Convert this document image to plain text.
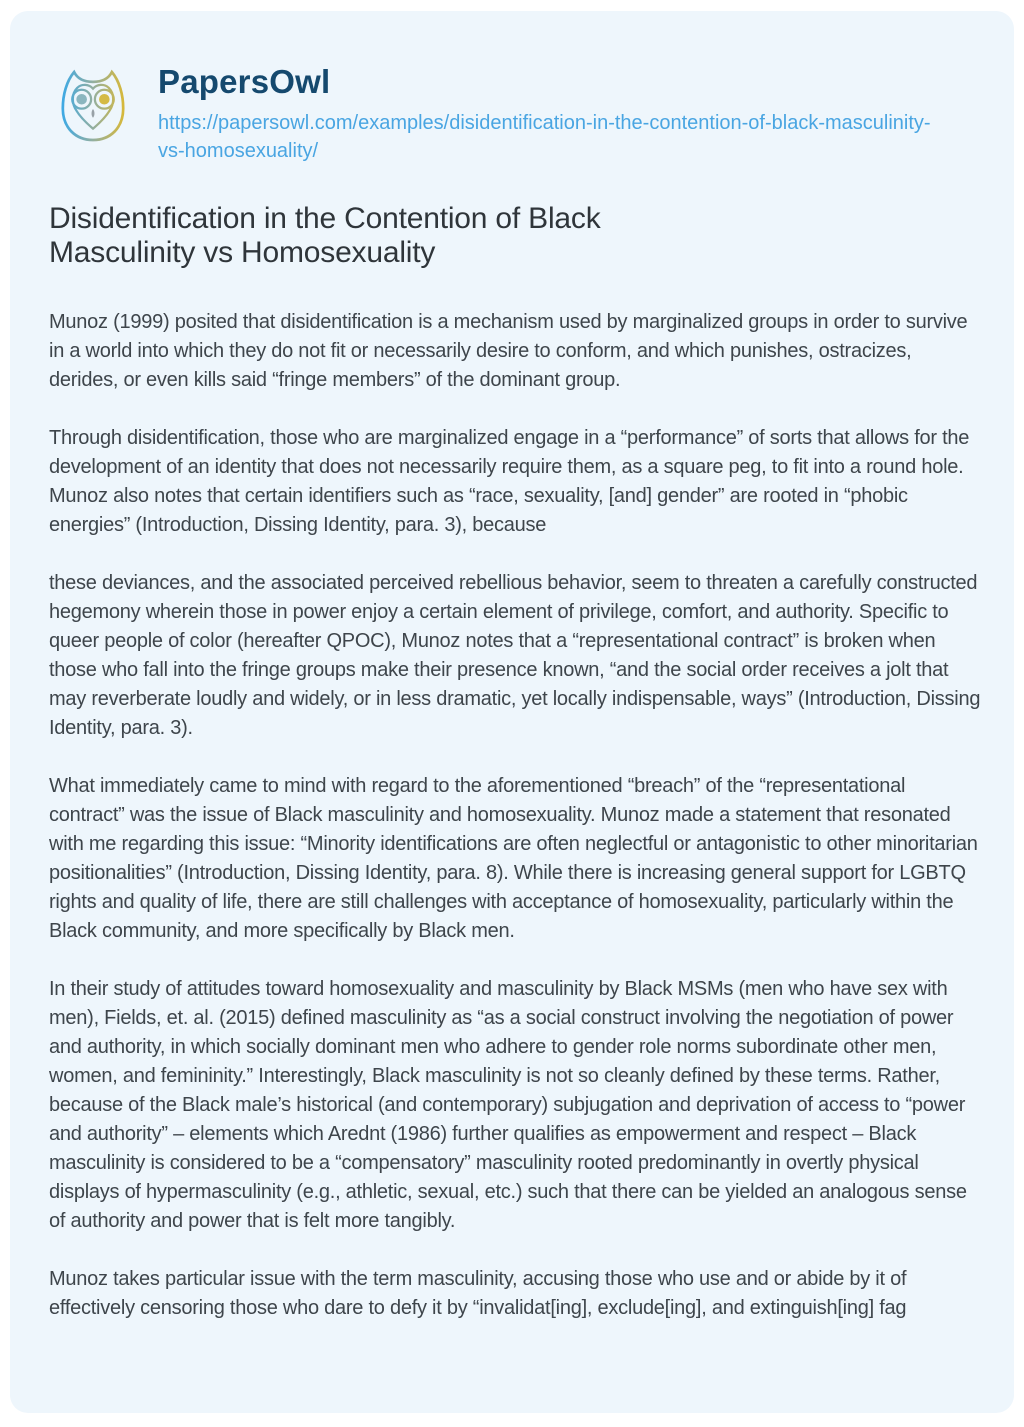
PapersOwl
https://papersowl.com/examples/disidentification-in-the-contention-of-black-masculinity-vs-homosexuality/
Disidentification in the Contention of Black Masculinity vs Homosexuality

Munoz (1999) posited that disidentification is a mechanism used by marginalized groups in order to survive in a world into which they do not fit or necessarily desire to conform, and which punishes, ostracizes, derides, or even kills said “fringe members” of the dominant group.

Through disidentification, those who are marginalized engage in a “performance” of sorts that allows for the development of an identity that does not necessarily require them, as a square peg, to fit into a round hole. Munoz also notes that certain identifiers such as “race, sexuality, [and] gender” are rooted in “phobic energies” (Introduction, Dissing Identity, para. 3), because

these deviances, and the associated perceived rebellious behavior, seem to threaten a carefully constructed hegemony wherein those in power enjoy a certain element of privilege, comfort, and authority. Specific to queer people of color (hereafter QPOC), Munoz notes that a “representational contract” is broken when those who fall into the fringe groups make their presence known, “and the social order receives a jolt that may reverberate loudly and widely, or in less dramatic, yet locally indispensable, ways” (Introduction, Dissing Identity, para. 3).

What immediately came to mind with regard to the aforementioned “breach” of the “representational contract” was the issue of Black masculinity and homosexuality. Munoz made a statement that resonated with me regarding this issue: “Minority identifications are often neglectful or antagonistic to other minoritarian positionalities” (Introduction, Dissing Identity, para. 8). While there is increasing general support for LGBTQ rights and quality of life, there are still challenges with acceptance of homosexuality, particularly within the Black community, and more specifically by Black men.

In their study of attitudes toward homosexuality and masculinity by Black MSMs (men who have sex with men), Fields, et. al. (2015) defined masculinity as “as a social construct involving the negotiation of power and authority, in which socially dominant men who adhere to gender role norms subordinate other men, women, and femininity.” Interestingly, Black masculinity is not so cleanly defined by these terms. Rather, because of the Black male’s historical (and contemporary) subjugation and deprivation of access to “power and authority” – elements which Arednt (1986) further qualifies as empowerment and respect – Black masculinity is considered to be a “compensatory” masculinity rooted predominantly in overtly physical displays of hypermasculinity (e.g., athletic, sexual, etc.) such that there can be yielded an analogous sense of authority and power that is felt more tangibly.

Munoz takes particular issue with the term masculinity, accusing those who use and or abide by it of effectively censoring those who dare to defy it by “invalidat[ing], exclude[ing], and extinguish[ing] fag
